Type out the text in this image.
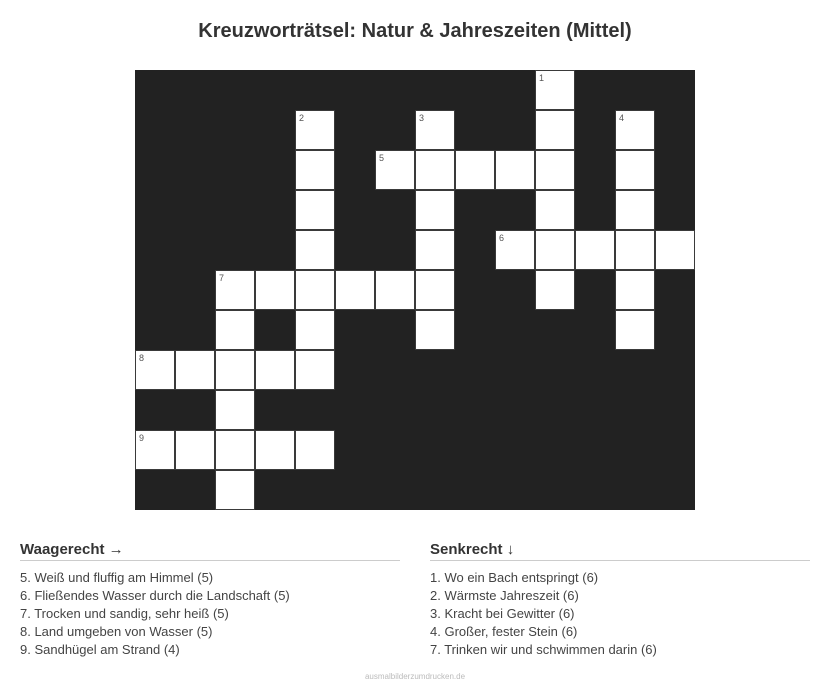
Kreuzworträtsel: Natur & Jahreszeiten (Mittel)
1
2	3	4
5
6
7
8
9
Waagerecht →
5. Weiß und fluffig am Himmel (5)
6. Fließendes Wasser durch die Landschaft (5)
7. Trocken und sandig, sehr heiß (5)
8. Land umgeben von Wasser (5)
9. Sandhügel am Strand (4)
Senkrecht ↓
1. Wo ein Bach entspringt (6)
2. Wärmste Jahreszeit (6)
3. Kracht bei Gewitter (6)
4. Großer, fester Stein (6)
7. Trinken wir und schwimmen darin (6)
ausmalbilderzumdrucken.de
